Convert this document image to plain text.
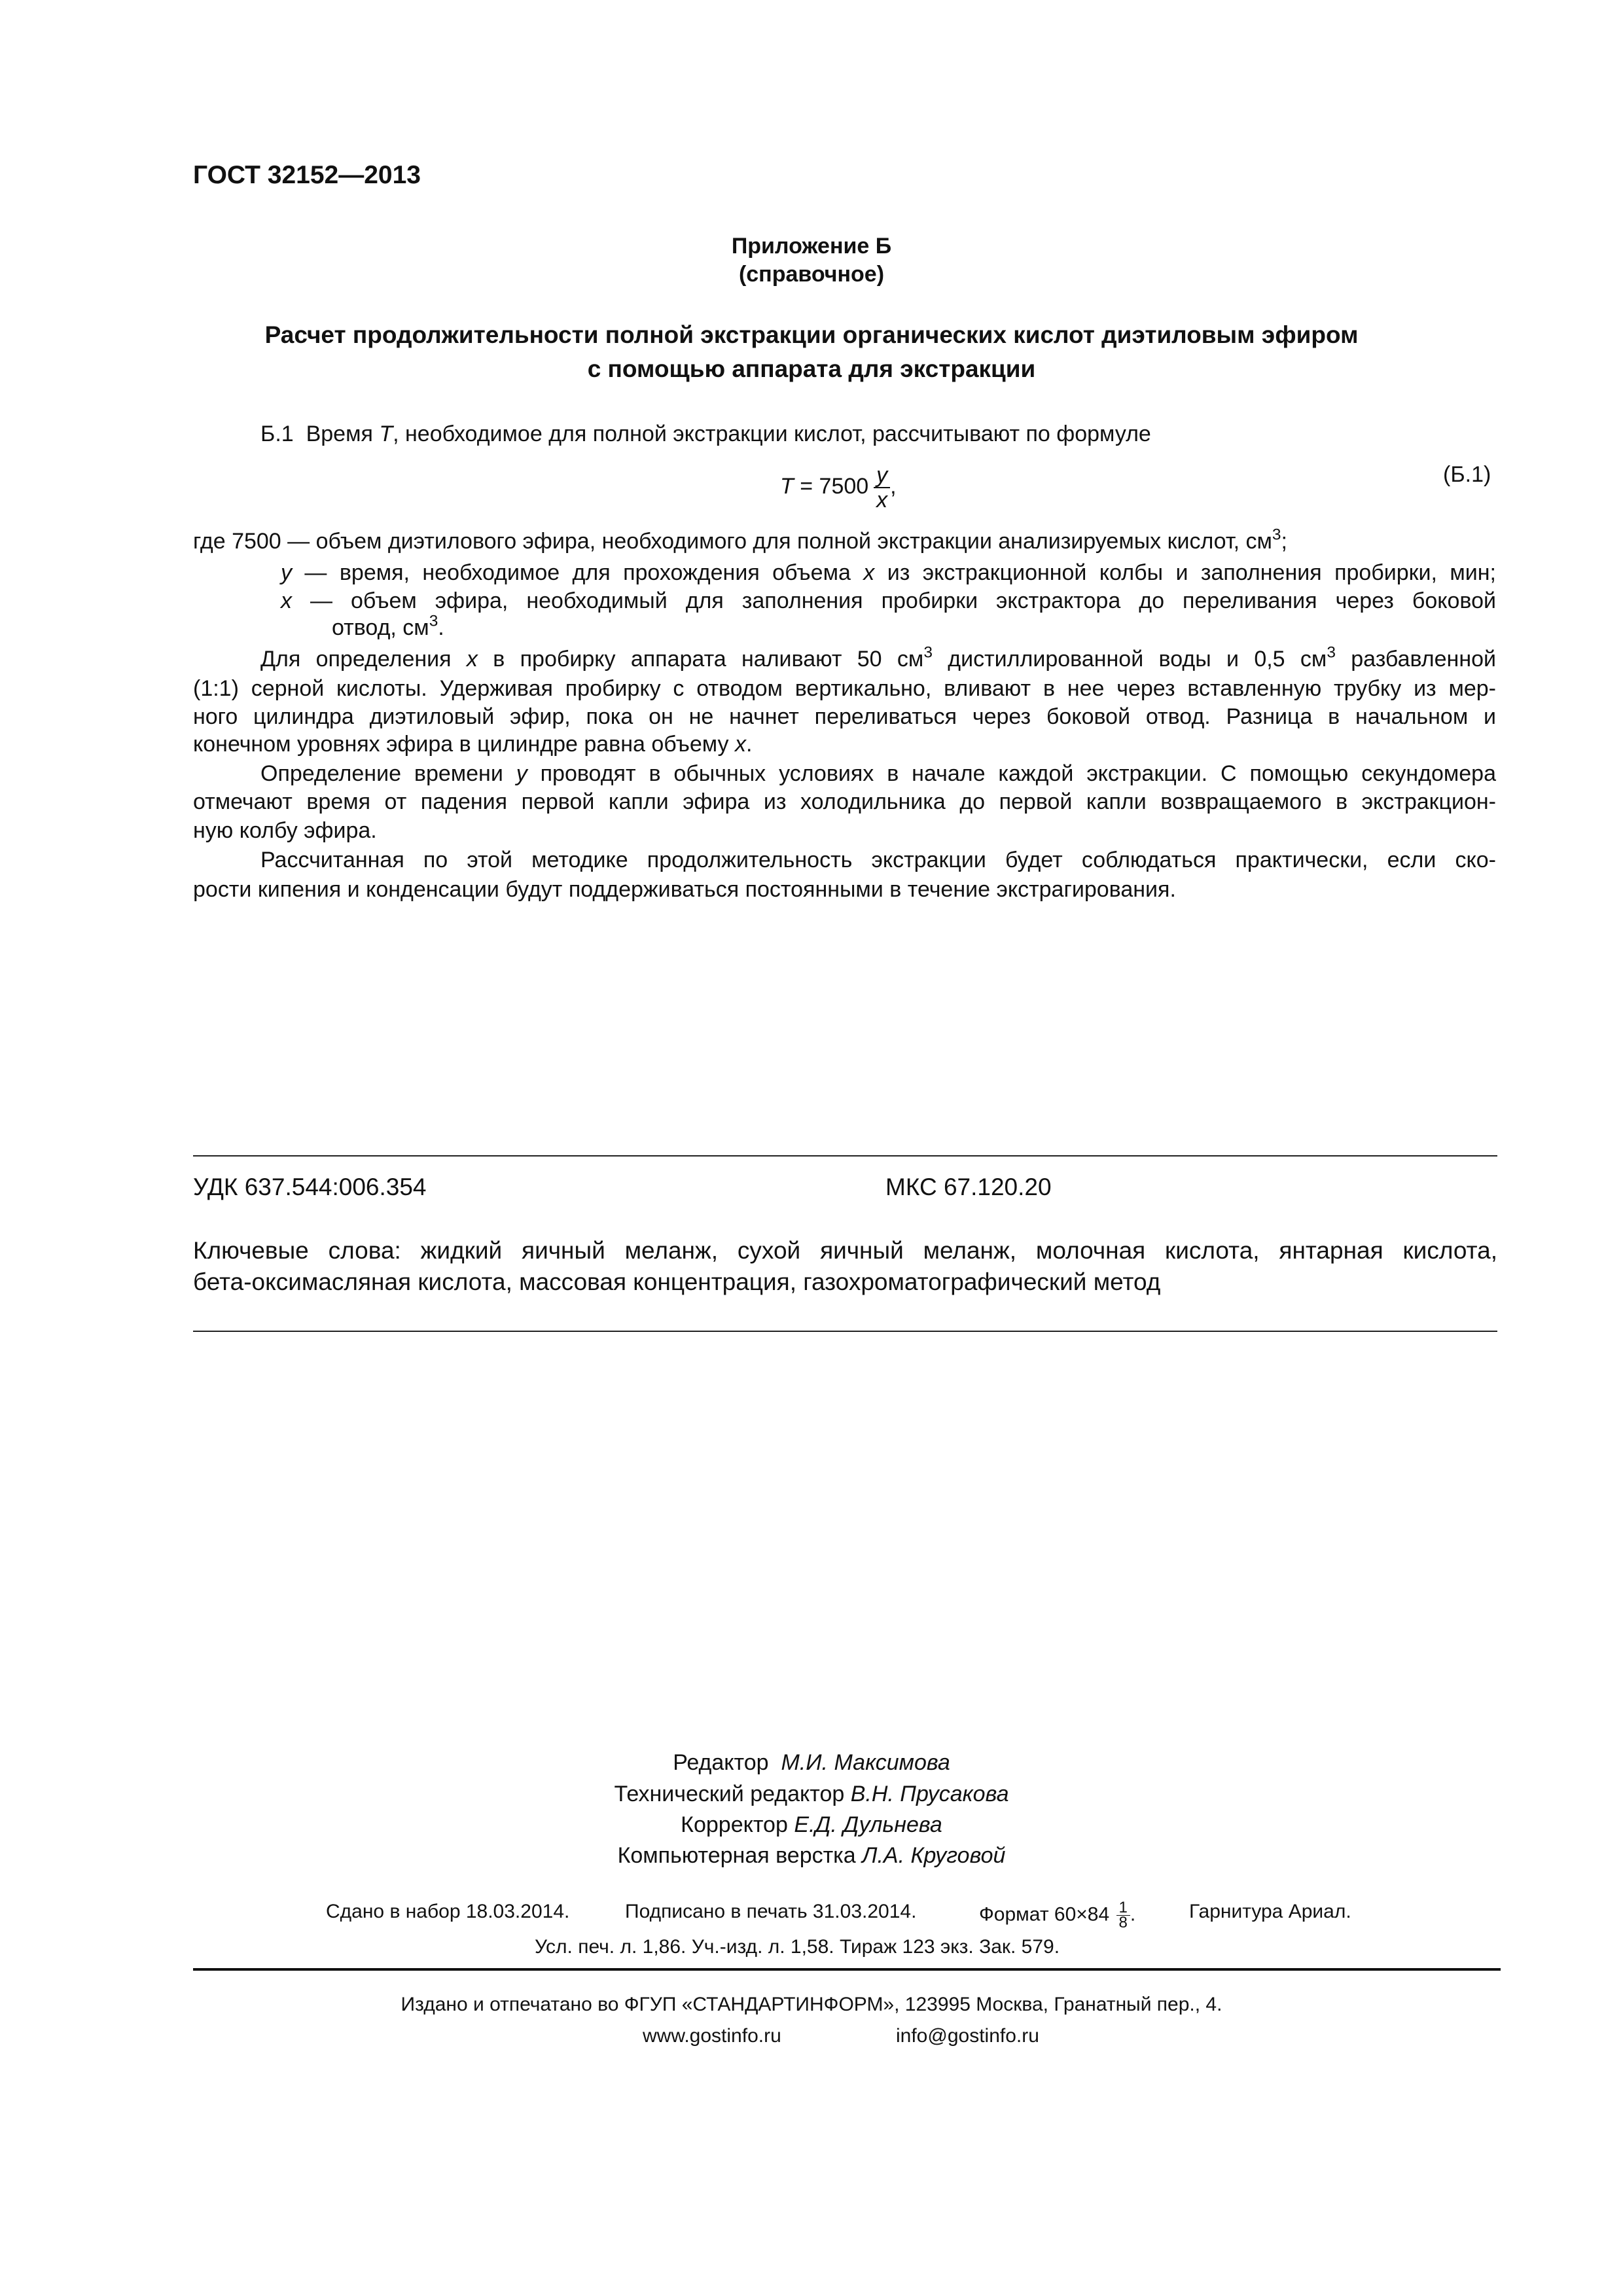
ГОСТ 32152—2013
Приложение Б
(справочное)
Расчет продолжительности полной экстракции органических кислот диэтиловым эфиром
с помощью аппарата для экстракции
Б.1 Время T, необходимое для полной экстракции кислот, рассчитывают по формуле
$T = 7500 \frac{y}{x}$ ,	(Б.1)
где 7500 — объем диэтилового эфира, необходимого для полной экстракции анализируемых кислот, $см^3$;
y — время, необходимое для прохождения объема x из экстракционной колбы и заполнения пробирки, мин;
x — объем эфира, необходимый для заполнения пробирки экстрактора до переливания через боковой
отвод, $см^3$.
Для определения x в пробирку аппарата наливают 50 $см^3$ дистиллированной воды и 0,5 $см^3$ разбавленной
(1:1) серной кислоты. Удерживая пробирку с отводом вертикально, вливают в нее через вставленную трубку из мер-
ного цилиндра диэтиловый эфир, пока он не начнет переливаться через боковой отвод. Разница в начальном и
конечном уровнях эфира в цилиндре равна объему x.
Определение времени y проводят в обычных условиях в начале каждой экстракции. С помощью секундомера
отмечают время от падения первой капли эфира из холодильника до первой капли возвращаемого в экстракцион-
ную колбу эфира.
Рассчитанная по этой методике продолжительность экстракции будет соблюдаться практически, если ско-
рости кипения и конденсации будут поддерживаться постоянными в течение экстрагирования.
УДК 637.544:006.354	МКС 67.120.20
Ключевые слова: жидкий яичный меланж, сухой яичный меланж, молочная кислота, янтарная кислота,
бета-оксимасляная кислота, массовая концентрация, газохроматографический метод
Редактор М.И. Максимова
Технический редактор В.Н. Прусакова
Корректор Е.Д. Дульнева
Компьютерная верстка Л.А. Круговой
Сдано в набор 18.03.2014.	Подписано в печать 31.03.2014.	Формат $60\times 84 \frac{1}{8}$ .	Гарнитура Ариал.
Усл. печ. л. 1,86. Уч.-изд. л. 1,58. Тираж 123 экз. Зак. 579.
Издано и отпечатано во ФГУП «СТАНДАРТИНФОРМ», 123995 Москва, Гранатный пер., 4.
www.gostinfo.ru	info@gostinfo.ru
